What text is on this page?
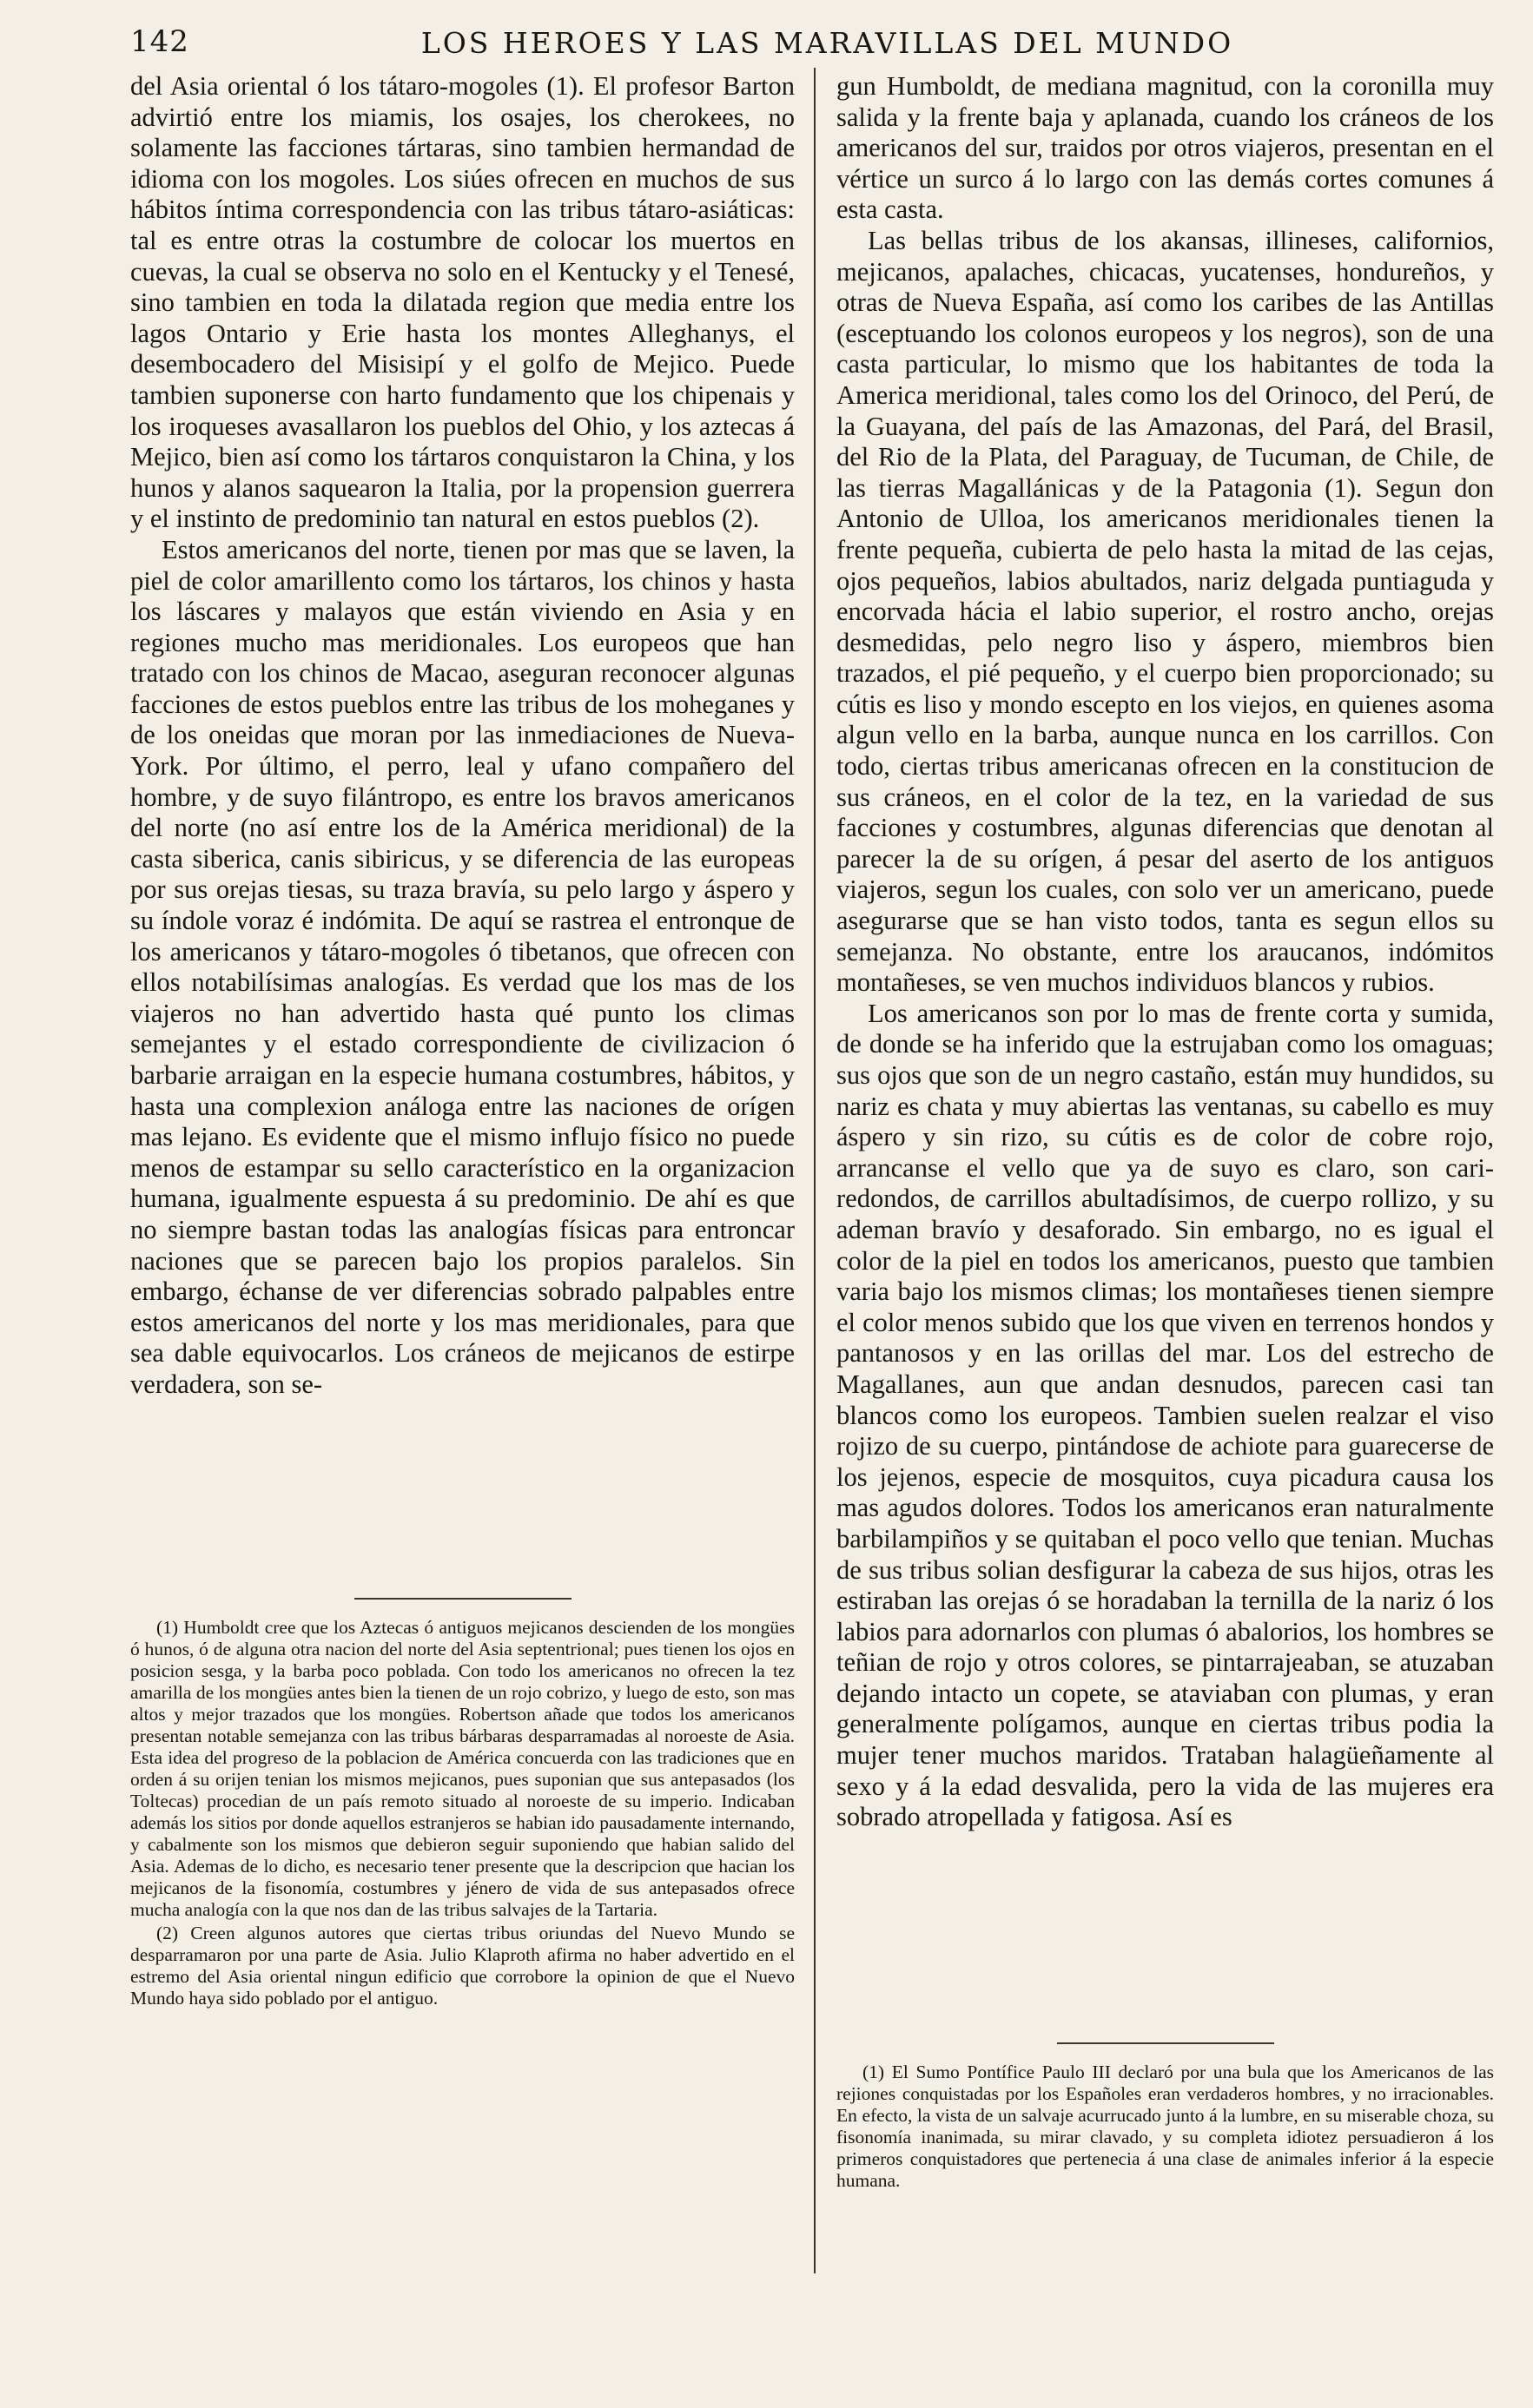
142	LOS HEROES Y LAS MARAVILLAS DEL MUNDO

del Asia oriental ó los tátaro-mogoles (1). El profesor Barton advirtió entre los miamis, los osajes, los cherokees, no solamente las facciones tártaras, sino tambien hermandad de idioma con los mogoles. Los siúes ofrecen en muchos de sus hábitos íntima correspondencia con las tribus tátaro-asiáticas: tal es entre otras la costumbre de colocar los muertos en cuevas, la cual se observa no solo en el Kentucky y el Tenesé, sino tambien en toda la dilatada region que media entre los lagos Ontario y Erie hasta los montes Alleghanys, el desembocadero del Misisipí y el golfo de Mejico. Puede tambien suponerse con harto fundamento que los chipenais y los iroqueses avasallaron los pueblos del Ohio, y los aztecas á Mejico, bien así como los tártaros conquistaron la China, y los hunos y alanos saquearon la Italia, por la propension guerrera y el instinto de predominio tan natural en estos pueblos (2).

Estos americanos del norte, tienen por mas que se laven, la piel de color amarillento como los tártaros, los chinos y hasta los láscares y malayos que están viviendo en Asia y en regiones mucho mas meridionales. Los europeos que han tratado con los chinos de Macao, aseguran reconocer algunas facciones de estos pueblos entre las tribus de los moheganes y de los oneidas que moran por las inmediaciones de Nueva-York. Por último, el perro, leal y ufano compañero del hombre, y de suyo filántropo, es entre los bravos americanos del norte (no así entre los de la América meridional) de la casta siberica, canis sibiricus, y se diferencia de las europeas por sus orejas tiesas, su traza bravía, su pelo largo y áspero y su índole voraz é indómita. De aquí se rastrea el entronque de los americanos y tátaro-mogoles ó tibetanos, que ofrecen con ellos notabilísimas analogías. Es verdad que los mas de los viajeros no han advertido hasta qué punto los climas semejantes y el estado correspondiente de civilizacion ó barbarie arraigan en la especie humana costumbres, hábitos, y hasta una complexion análoga entre las naciones de orígen mas lejano. Es evidente que el mismo influjo físico no puede menos de estampar su sello característico en la organizacion humana, igualmente espuesta á su predominio. De ahí es que no siempre bastan todas las analogías físicas para entroncar naciones que se parecen bajo los propios paralelos. Sin embargo, échanse de ver diferencias sobrado palpables entre estos americanos del norte y los mas meridionales, para que sea dable equivocarlos. Los cráneos de mejicanos de estirpe verdadera, son se-

(1) Humboldt cree que los Aztecas ó antiguos mejicanos descienden de los mongües ó hunos, ó de alguna otra nacion del norte del Asia septentrional; pues tienen los ojos en posicion sesga, y la barba poco poblada. Con todo los americanos no ofrecen la tez amarilla de los mongües antes bien la tienen de un rojo cobrizo, y luego de esto, son mas altos y mejor trazados que los mongües. Robertson añade que todos los americanos presentan notable semejanza con las tribus bárbaras desparramadas al noroeste de Asia. Esta idea del progreso de la poblacion de América concuerda con las tradiciones que en orden á su orijen tenian los mismos mejicanos, pues suponian que sus antepasados (los Toltecas) procedian de un país remoto situado al noroeste de su imperio. Indicaban además los sitios por donde aquellos estranjeros se habian ido pausadamente internando, y cabalmente son los mismos que debieron seguir suponiendo que habian salido del Asia. Ademas de lo dicho, es necesario tener presente que la descripcion que hacian los mejicanos de la fisonomía, costumbres y jénero de vida de sus antepasados ofrece mucha analogía con la que nos dan de las tribus salvajes de la Tartaria.

(2) Creen algunos autores que ciertas tribus oriundas del Nuevo Mundo se desparramaron por una parte de Asia. Julio Klaproth afirma no haber advertido en el estremo del Asia oriental ningun edificio que corrobore la opinion de que el Nuevo Mundo haya sido poblado por el antiguo.

gun Humboldt, de mediana magnitud, con la coronilla muy salida y la frente baja y aplanada, cuando los cráneos de los americanos del sur, traidos por otros viajeros, presentan en el vértice un surco á lo largo con las demás cortes comunes á esta casta.

Las bellas tribus de los akansas, illineses, californios, mejicanos, apalaches, chicacas, yucatenses, hondureños, y otras de Nueva España, así como los caribes de las Antillas (esceptuando los colonos europeos y los negros), son de una casta particular, lo mismo que los habitantes de toda la America meridional, tales como los del Orinoco, del Perú, de la Guayana, del país de las Amazonas, del Pará, del Brasil, del Rio de la Plata, del Paraguay, de Tucuman, de Chile, de las tierras Magallánicas y de la Patagonia (1). Segun don Antonio de Ulloa, los americanos meridionales tienen la frente pequeña, cubierta de pelo hasta la mitad de las cejas, ojos pequeños, labios abultados, nariz delgada puntiaguda y encorvada hácia el labio superior, el rostro ancho, orejas desmedidas, pelo negro liso y áspero, miembros bien trazados, el pié pequeño, y el cuerpo bien proporcionado; su cútis es liso y mondo escepto en los viejos, en quienes asoma algun vello en la barba, aunque nunca en los carrillos. Con todo, ciertas tribus americanas ofrecen en la constitucion de sus cráneos, en el color de la tez, en la variedad de sus facciones y costumbres, algunas diferencias que denotan al parecer la de su orígen, á pesar del aserto de los antiguos viajeros, segun los cuales, con solo ver un americano, puede asegurarse que se han visto todos, tanta es segun ellos su semejanza. No obstante, entre los araucanos, indómitos montañeses, se ven muchos individuos blancos y rubios.

Los americanos son por lo mas de frente corta y sumida, de donde se ha inferido que la estrujaban como los omaguas; sus ojos que son de un negro castaño, están muy hundidos, su nariz es chata y muy abiertas las ventanas, su cabello es muy áspero y sin rizo, su cútis es de color de cobre rojo, arrancanse el vello que ya de suyo es claro, son cari-redondos, de carrillos abultadísimos, de cuerpo rollizo, y su ademan bravío y desaforado. Sin embargo, no es igual el color de la piel en todos los americanos, puesto que tambien varia bajo los mismos climas; los montañeses tienen siempre el color menos subido que los que viven en terrenos hondos y pantanosos y en las orillas del mar. Los del estrecho de Magallanes, aun que andan desnudos, parecen casi tan blancos como los europeos. Tambien suelen realzar el viso rojizo de su cuerpo, pintándose de achiote para guarecerse de los jejenos, especie de mosquitos, cuya picadura causa los mas agudos dolores. Todos los americanos eran naturalmente barbilampiños y se quitaban el poco vello que tenian. Muchas de sus tribus solian desfigurar la cabeza de sus hijos, otras les estiraban las orejas ó se horadaban la ternilla de la nariz ó los labios para adornarlos con plumas ó abalorios, los hombres se teñian de rojo y otros colores, se pintarrajeaban, se atuzaban dejando intacto un copete, se ataviaban con plumas, y eran generalmente polígamos, aunque en ciertas tribus podia la mujer tener muchos maridos. Trataban halagüeñamente al sexo y á la edad desvalida, pero la vida de las mujeres era sobrado atropellada y fatigosa. Así es

(1) El Sumo Pontífice Paulo III declaró por una bula que los Americanos de las rejiones conquistadas por los Españoles eran verdaderos hombres, y no irracionables. En efecto, la vista de un salvaje acurrucado junto á la lumbre, en su miserable choza, su fisonomía inanimada, su mirar clavado, y su completa idiotez persuadieron á los primeros conquistadores que pertenecia á una clase de animales inferior á la especie humana.
